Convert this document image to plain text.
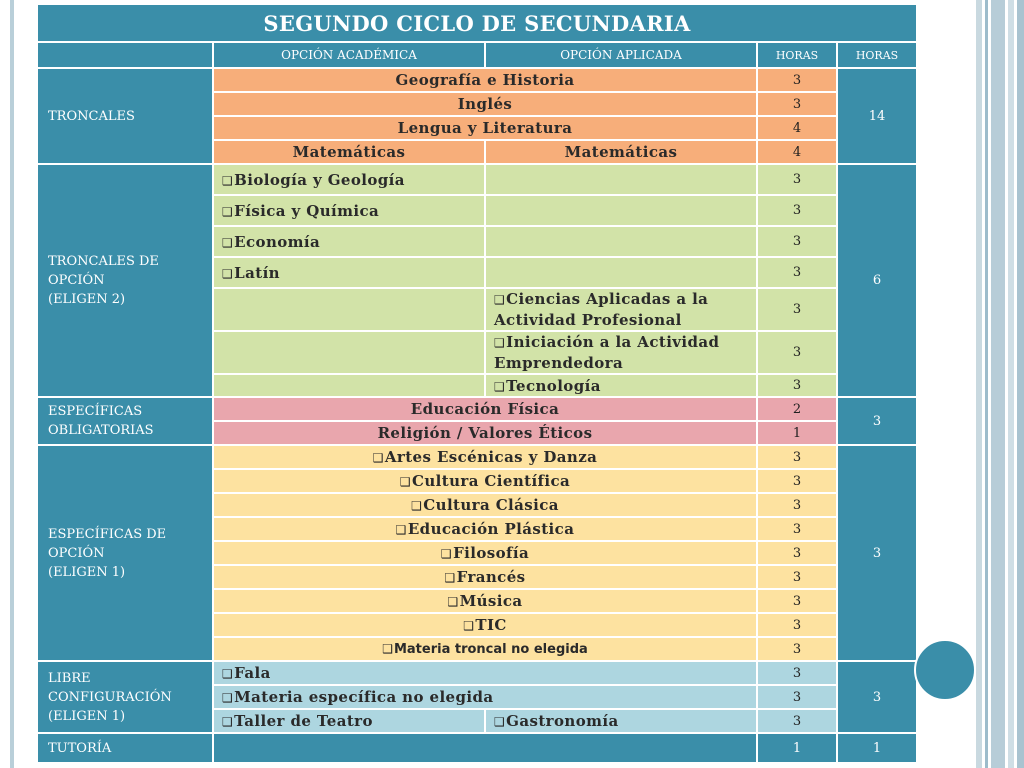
SEGUNDO CICLO DE SECUNDARIA				
	OPCIÓN ACADÉMICA	OPCIÓN APLICADA	HORAS	HORAS
TRONCALES	Geografía e Historia		3	14
	Inglés		3	
	Lengua y Literatura		4	
	Matemáticas	Matemáticas	4	
TRONCALES DE
OPCIÓN
(ELIGEN 2)	❑Biología y Geología		3	6
	❑Física y Química		3	
	❑Economía		3	
	❑Latín		3	
		❑Ciencias Aplicadas a la
Actividad Profesional	3	
		❑Iniciación a la Actividad
Emprendedora	3	
		❑Tecnología	3	
ESPECÍFICAS
OBLIGATORIAS	Educación Física		2	3
	Religión / Valores Éticos		1	
ESPECÍFICAS DE
OPCIÓN
(ELIGEN 1)	❑Artes Escénicas y Danza		3	3
	❑Cultura Científica		3	
	❑Cultura Clásica		3	
	❑Educación Plástica		3	
	❑Filosofía		3	
	❑Francés		3	
	❑Música		3	
	❑TIC		3	
	❑Materia troncal no elegida		3	
LIBRE
CONFIGURACIÓN
(ELIGEN 1)	❑Fala		3	3
	❑Materia específica no elegida		3	
	❑Taller de Teatro	❑Gastronomía	3	
TUTORÍA			1	1
